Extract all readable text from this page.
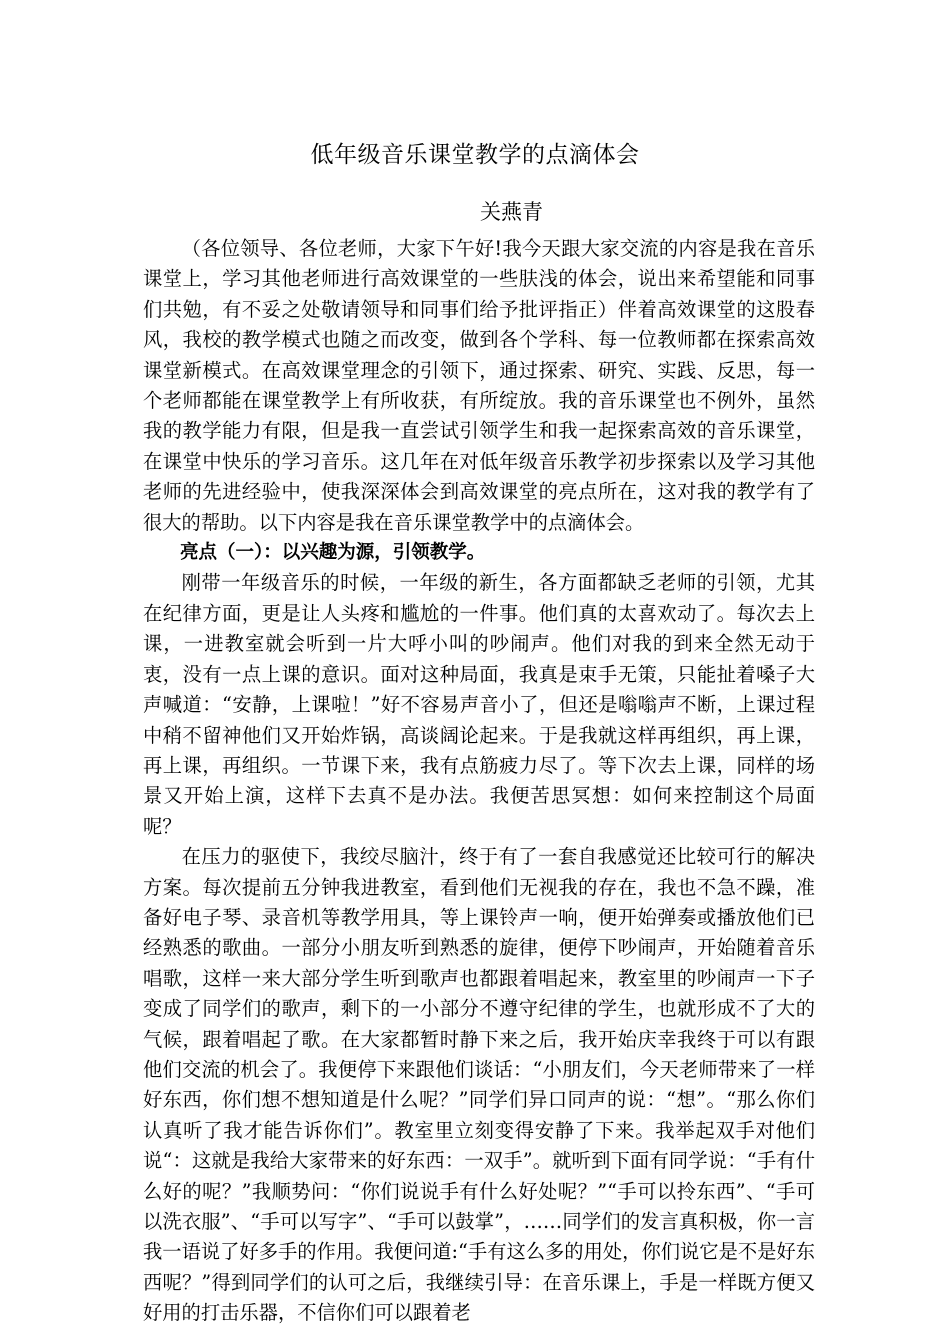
低年级音乐课堂教学的点滴体会
关燕青

（各位领导、各位老师，大家下午好!我今天跟大家交流的内容是我在音乐课堂上，学习其他老师进行高效课堂的一些肤浅的体会，说出来希望能和同事们共勉，有不妥之处敬请领导和同事们给予批评指正）伴着高效课堂的这股春风，我校的教学模式也随之而改变，做到各个学科、每一位教师都在探索高效课堂新模式。在高效课堂理念的引领下，通过探索、研究、实践、反思，每一个老师都能在课堂教学上有所收获，有所绽放。我的音乐课堂也不例外，虽然我的教学能力有限，但是我一直尝试引领学生和我一起探索高效的音乐课堂，在课堂中快乐的学习音乐。这几年在对低年级音乐教学初步探索以及学习其他老师的先进经验中，使我深深体会到高效课堂的亮点所在，这对我的教学有了很大的帮助。以下内容是我在音乐课堂教学中的点滴体会。

亮点（一）：以兴趣为源，引领教学。

刚带一年级音乐的时候，一年级的新生，各方面都缺乏老师的引领，尤其在纪律方面，更是让人头疼和尴尬的一件事。他们真的太喜欢动了。每次去上课，一进教室就会听到一片大呼小叫的吵闹声。他们对我的到来全然无动于衷，没有一点上课的意识。面对这种局面，我真是束手无策，只能扯着嗓子大声喊道：“安静，上课啦！”好不容易声音小了，但还是嗡嗡声不断，上课过程中稍不留神他们又开始炸锅，高谈阔论起来。于是我就这样再组织，再上课，再上课，再组织。一节课下来，我有点筋疲力尽了。等下次去上课，同样的场景又开始上演，这样下去真不是办法。我便苦思冥想：如何来控制这个局面呢？

在压力的驱使下，我绞尽脑汁，终于有了一套自我感觉还比较可行的解决方案。每次提前五分钟我进教室，看到他们无视我的存在，我也不急不躁，准备好电子琴、录音机等教学用具，等上课铃声一响，便开始弹奏或播放他们已经熟悉的歌曲。一部分小朋友听到熟悉的旋律，便停下吵闹声，开始随着音乐唱歌，这样一来大部分学生听到歌声也都跟着唱起来，教室里的吵闹声一下子变成了同学们的歌声，剩下的一小部分不遵守纪律的学生，也就形成不了大的气候，跟着唱起了歌。在大家都暂时静下来之后，我开始庆幸我终于可以有跟他们交流的机会了。我便停下来跟他们谈话：“小朋友们，今天老师带来了一样好东西，你们想不想知道是什么呢？”同学们异口同声的说：“想”。“那么你们认真听了我才能告诉你们”。教室里立刻变得安静了下来。我举起双手对他们说“：这就是我给大家带来的好东西：一双手”。就听到下面有同学说：“手有什么好的呢？”我顺势问：“你们说说手有什么好处呢？”“手可以拎东西”、“手可以洗衣服”、“手可以写字”、“手可以鼓掌”，……同学们的发言真积极，你一言我一语说了好多手的作用。我便问道:“手有这么多的用处，你们说它是不是好东西呢？”得到同学们的认可之后，我继续引导：在音乐课上，手是一样既方便又好用的打击乐器，不信你们可以跟着老
